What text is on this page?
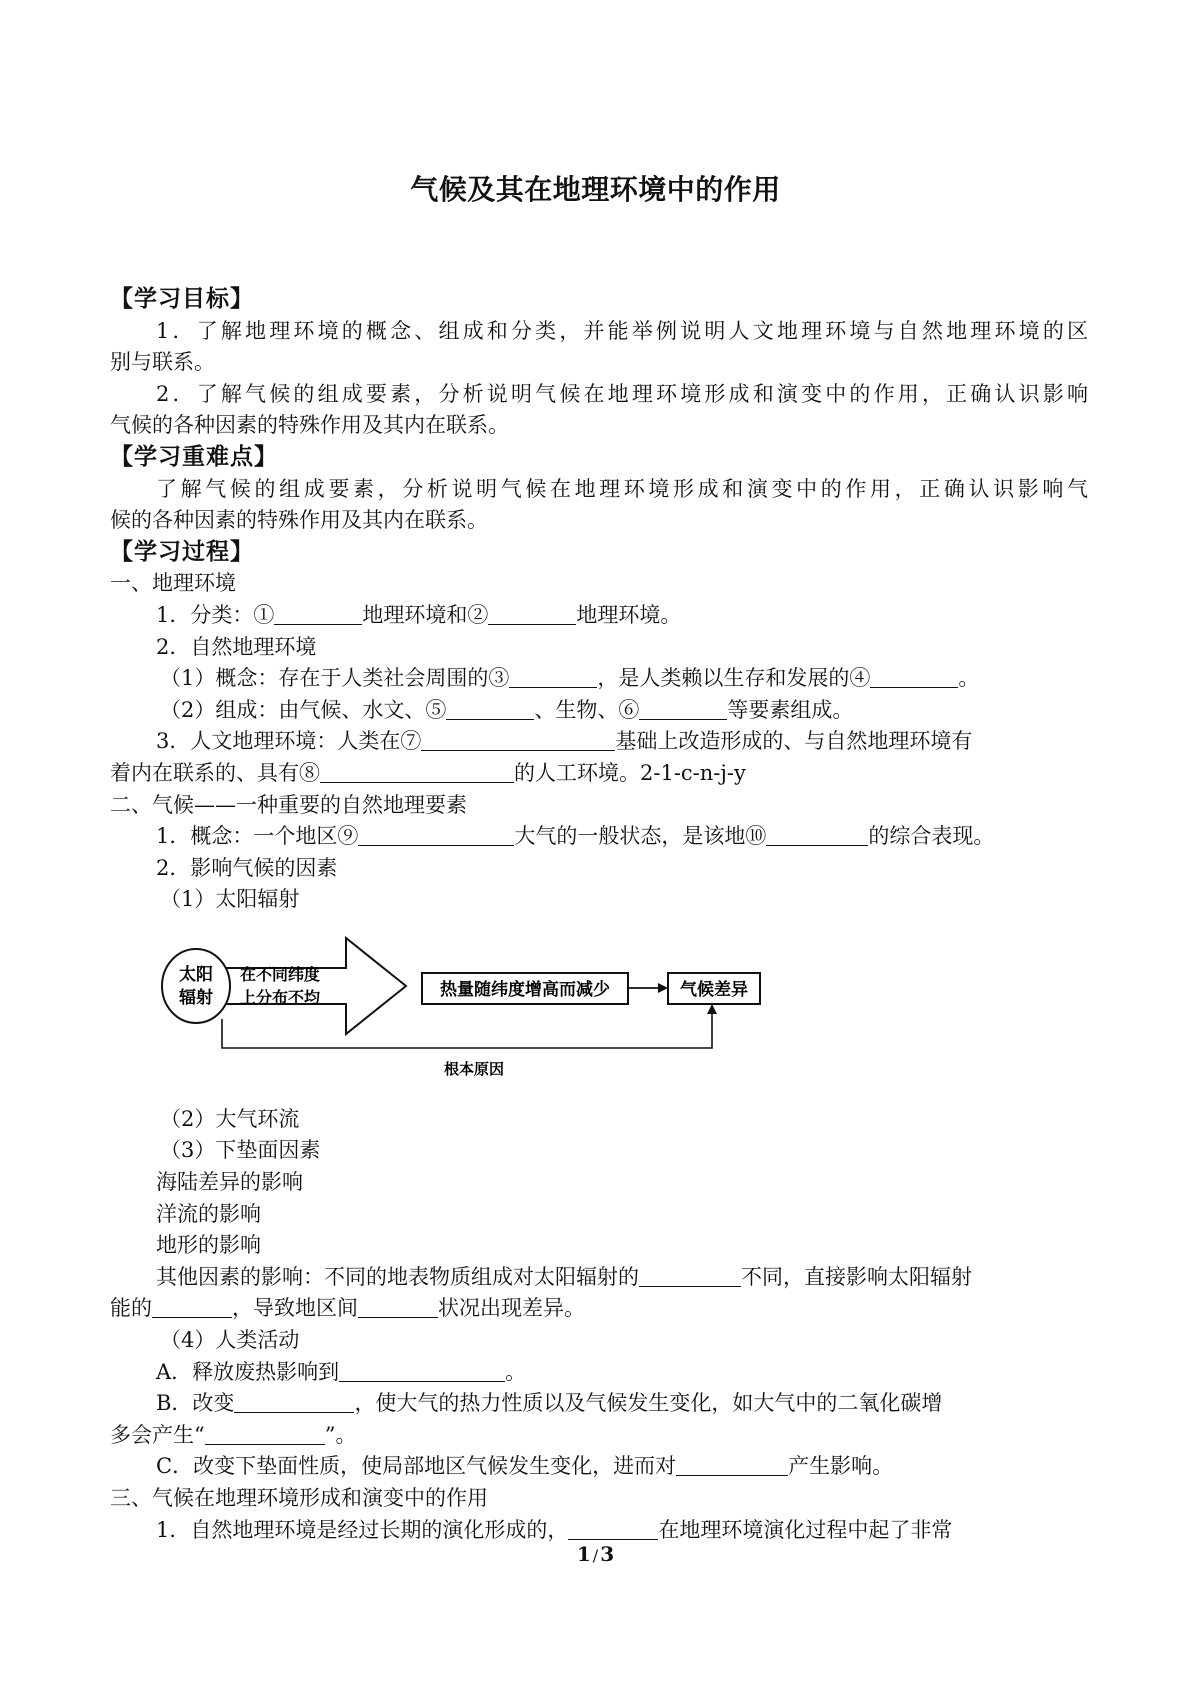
气候及其在地理环境中的作用
【学习目标】
1．了解地理环境的概念、组成和分类，并能举例说明人文地理环境与自然地理环境的区
别与联系。
2．了解气候的组成要素，分析说明气候在地理环境形成和演变中的作用，正确认识影响
气候的各种因素的特殊作用及其内在联系。
【学习重难点】
了解气候的组成要素，分析说明气候在地理环境形成和演变中的作用，正确认识影响气
候的各种因素的特殊作用及其内在联系。
【学习过程】
一、地理环境
1．分类：①	地理环境和②	地理环境。
2．自然地理环境
（1）概念：存在于人类社会周围的③	，是人类赖以生存和发展的④	。
（2）组成：由气候、水文、⑤	、生物、⑥	等要素组成。
3．人文地理环境：人类在⑦	基础上改造形成的、与自然地理环境有
着内在联系的、具有⑧	的人工环境。2-1-c-n-j-y
二、气候——一种重要的自然地理要素
1．概念：一个地区⑨	大气的一般状态，是该地⑩	的综合表现。
2．影响气候的因素
（1）太阳辐射
太阳
辐射
在不同纬度
上分布不均	热量随纬度增高而减少	气候差异
根本原因
（2）大气环流
（3）下垫面因素
海陆差异的影响
洋流的影响
地形的影响
其他因素的影响：不同的地表物质组成对太阳辐射的	不同，直接影响太阳辐射
能的	，导致地区间	状况出现差异。
（4）人类活动
A．释放废热影响到	。
B．改变	，使大气的热力性质以及气候发生变化，如大气中的二氧化碳增
多会产生“	”。
C．改变下垫面性质，使局部地区气候发生变化，进而对	产生影响。
三、气候在地理环境形成和演变中的作用
1．自然地理环境是经过长期的演化形成的，	在地理环境演化过程中起了非常
1 / 3
